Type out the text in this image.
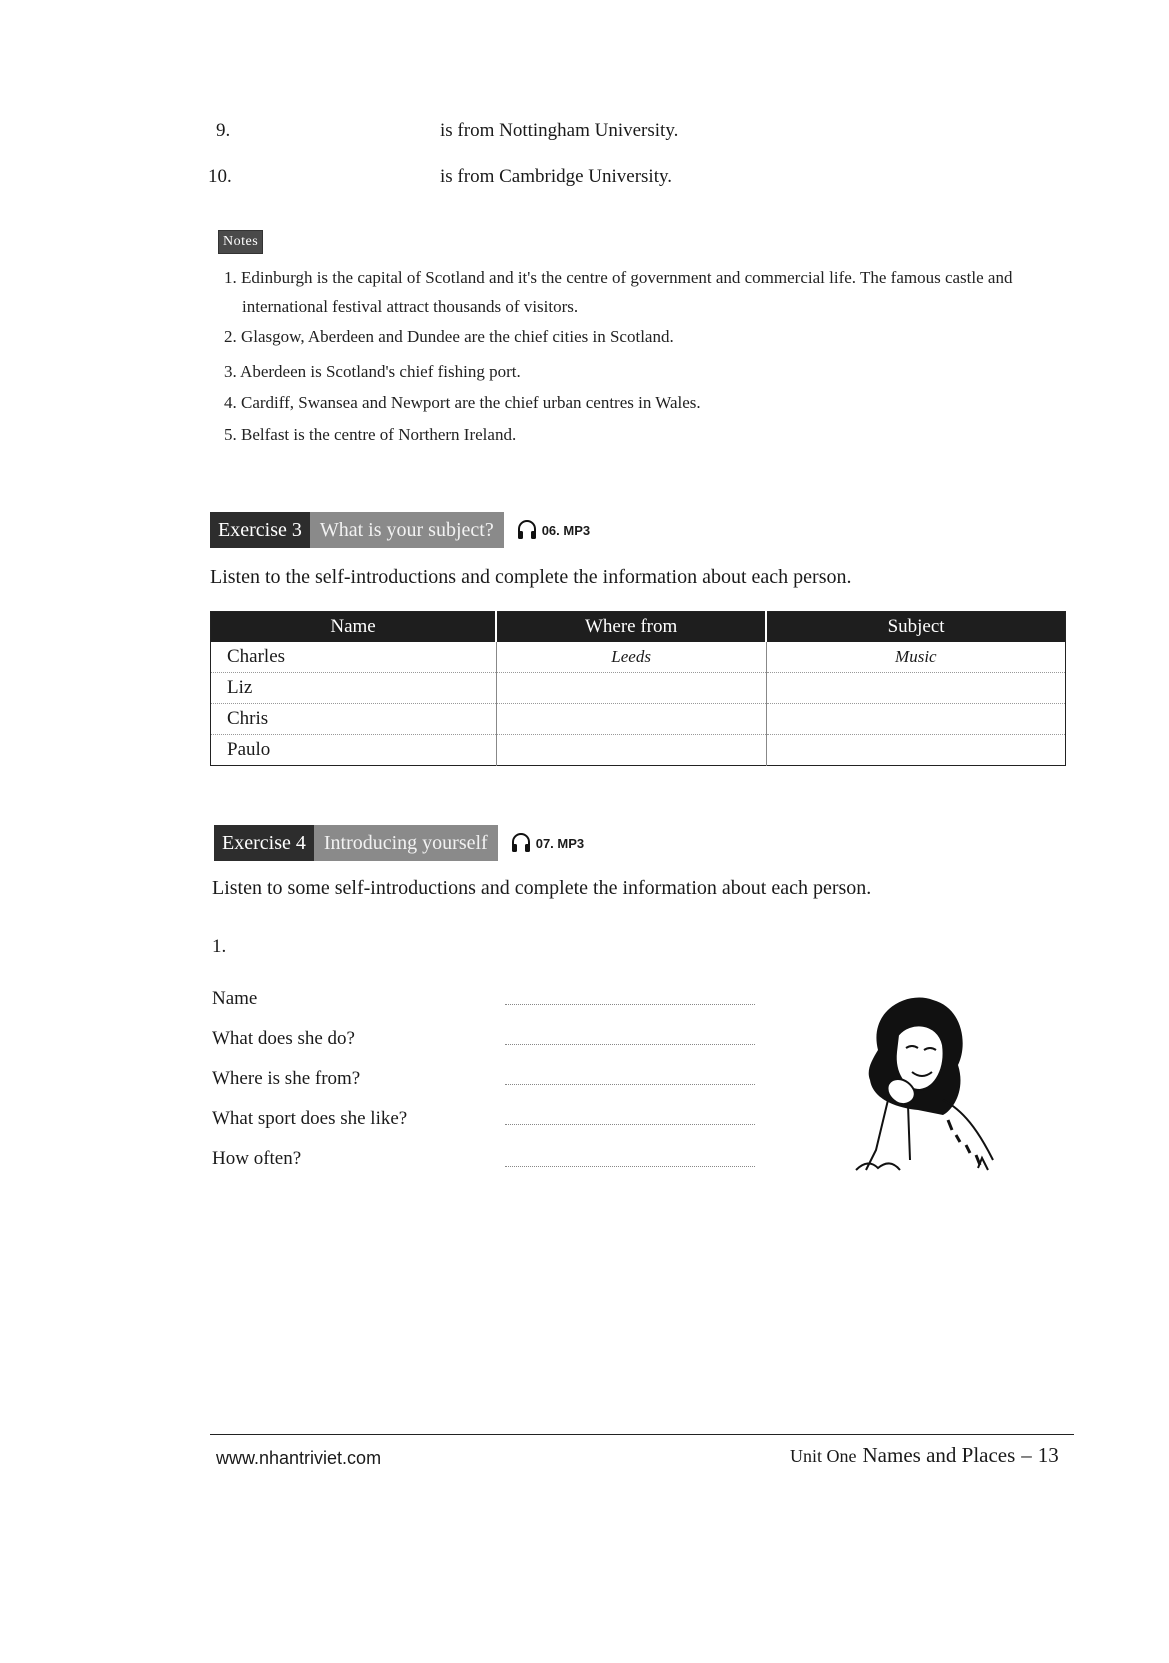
9.	is from Nottingham University.
10.	is from Cambridge University.
Notes
1. Edinburgh is the capital of Scotland and it's the centre of government and commercial life. The famous castle and
international festival attract thousands of visitors.
2. Glasgow, Aberdeen and Dundee are the chief cities in Scotland.
3. Aberdeen is Scotland's chief fishing port.
4. Cardiff, Swansea and Newport are the chief urban centres in Wales.
5. Belfast is the centre of Northern Ireland.
Exercise 3 What is your subject?	06. MP3
Listen to the self-introductions and complete the information about each person.
Name	Where from	Subject
Charles	Leeds	Music
Liz		
Chris		
Paulo		
Exercise 4 Introducing yourself	07. MP3
Listen to some self-introductions and complete the information about each person.
1.
Name
What does she do?
Where is she from?
What sport does she like?
How often?
www.nhantriviet.com	Unit One Names and Places – 13
